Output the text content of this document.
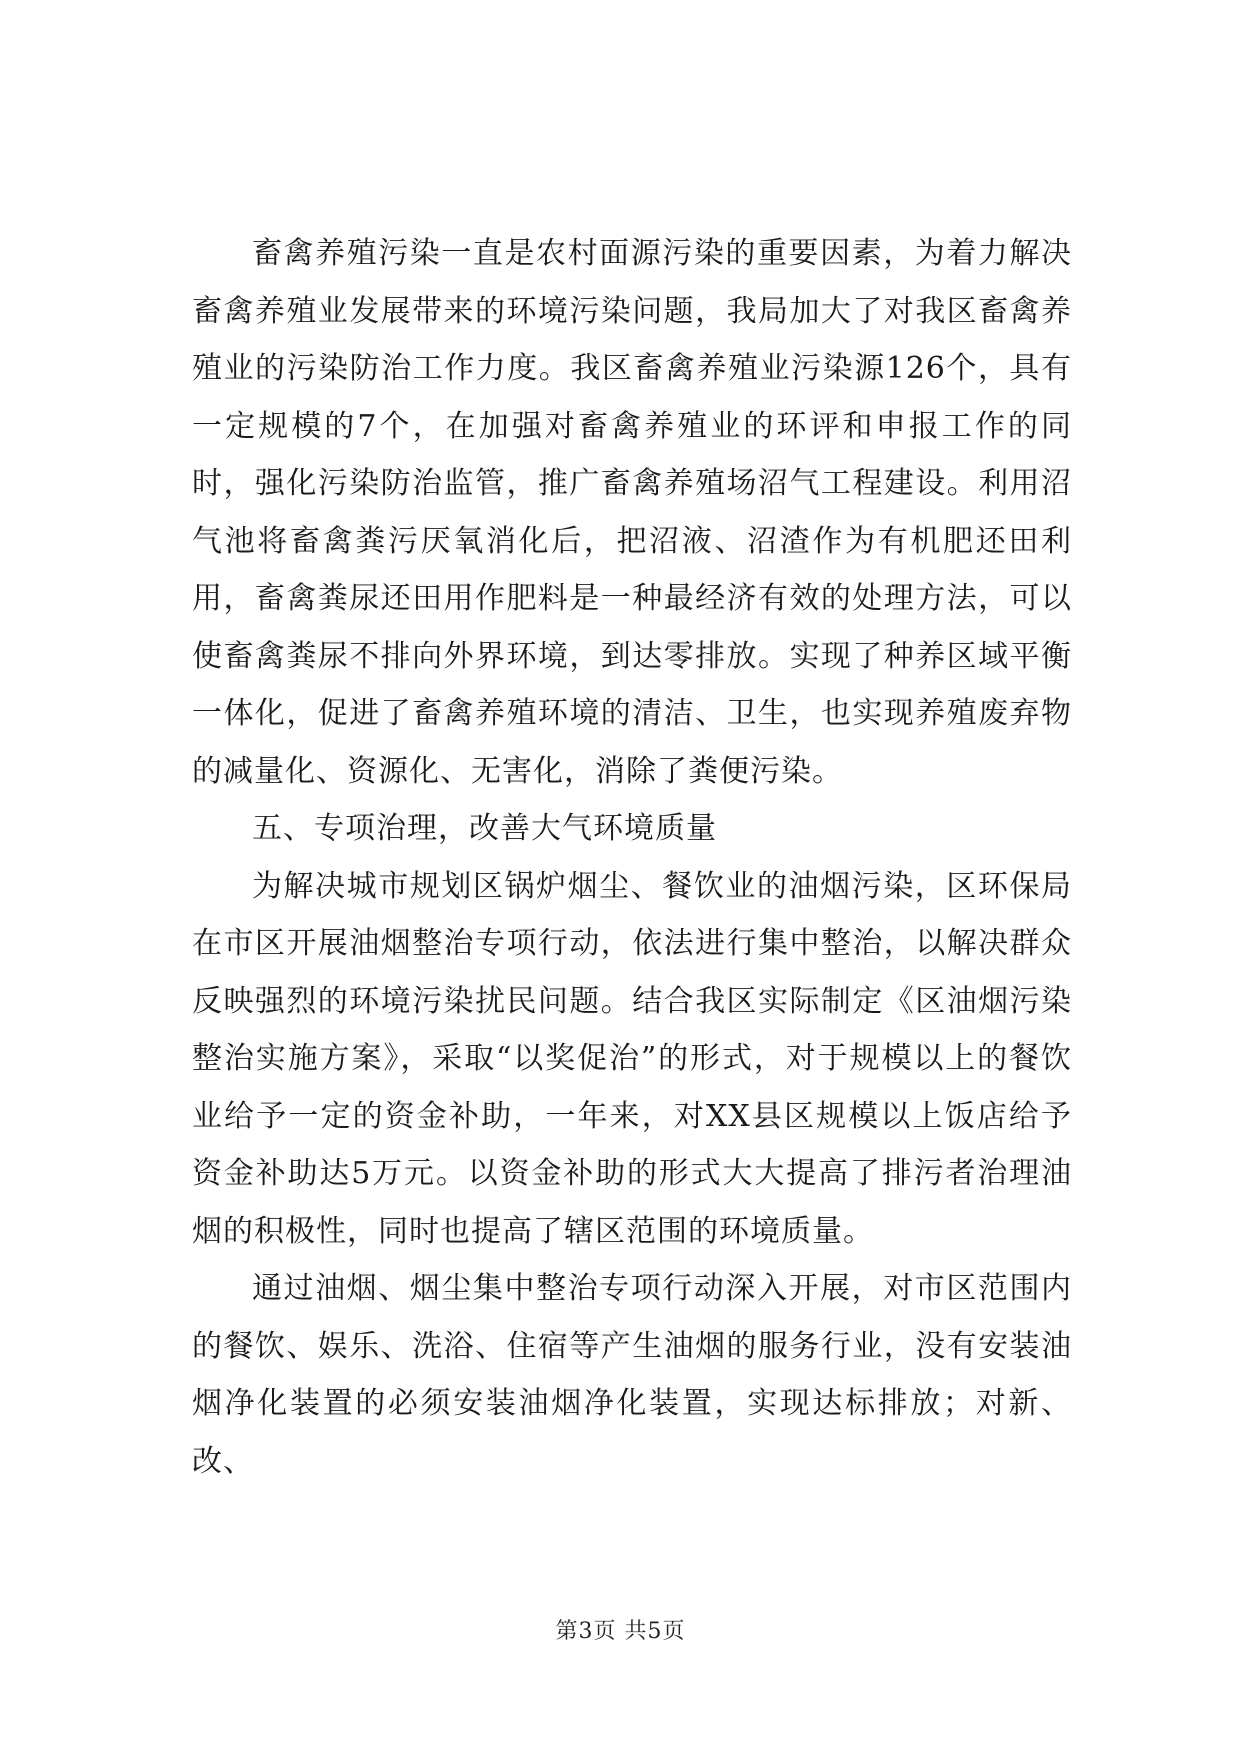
畜禽养殖污染一直是农村面源污染的重要因素，为着力解决畜禽养殖业发展带来的环境污染问题，我局加大了对我区畜禽养殖业的污染防治工作力度。我区畜禽养殖业污染源126个，具有一定规模的7个，在加强对畜禽养殖业的环评和申报工作的同时，强化污染防治监管，推广畜禽养殖场沼气工程建设。利用沼气池将畜禽粪污厌氧消化后，把沼液、沼渣作为有机肥还田利用，畜禽粪尿还田用作肥料是一种最经济有效的处理方法，可以使畜禽粪尿不排向外界环境，到达零排放。实现了种养区域平衡一体化，促进了畜禽养殖环境的清洁、卫生，也实现养殖废弃物的减量化、资源化、无害化，消除了粪便污染。

五、专项治理，改善大气环境质量

为解决城市规划区锅炉烟尘、餐饮业的油烟污染，区环保局在市区开展油烟整治专项行动，依法进行集中整治，以解决群众反映强烈的环境污染扰民问题。结合我区实际制定《区油烟污染整治实施方案》，采取“以奖促治”的形式，对于规模以上的餐饮业给予一定的资金补助，一年来，对XX县区规模以上饭店给予资金补助达5万元。以资金补助的形式大大提高了排污者治理油烟的积极性，同时也提高了辖区范围的环境质量。

通过油烟、烟尘集中整治专项行动深入开展，对市区范围内的餐饮、娱乐、洗浴、住宿等产生油烟的服务行业，没有安装油烟净化装置的必须安装油烟净化装置，实现达标排放；对新、改、

第3页 共5页
